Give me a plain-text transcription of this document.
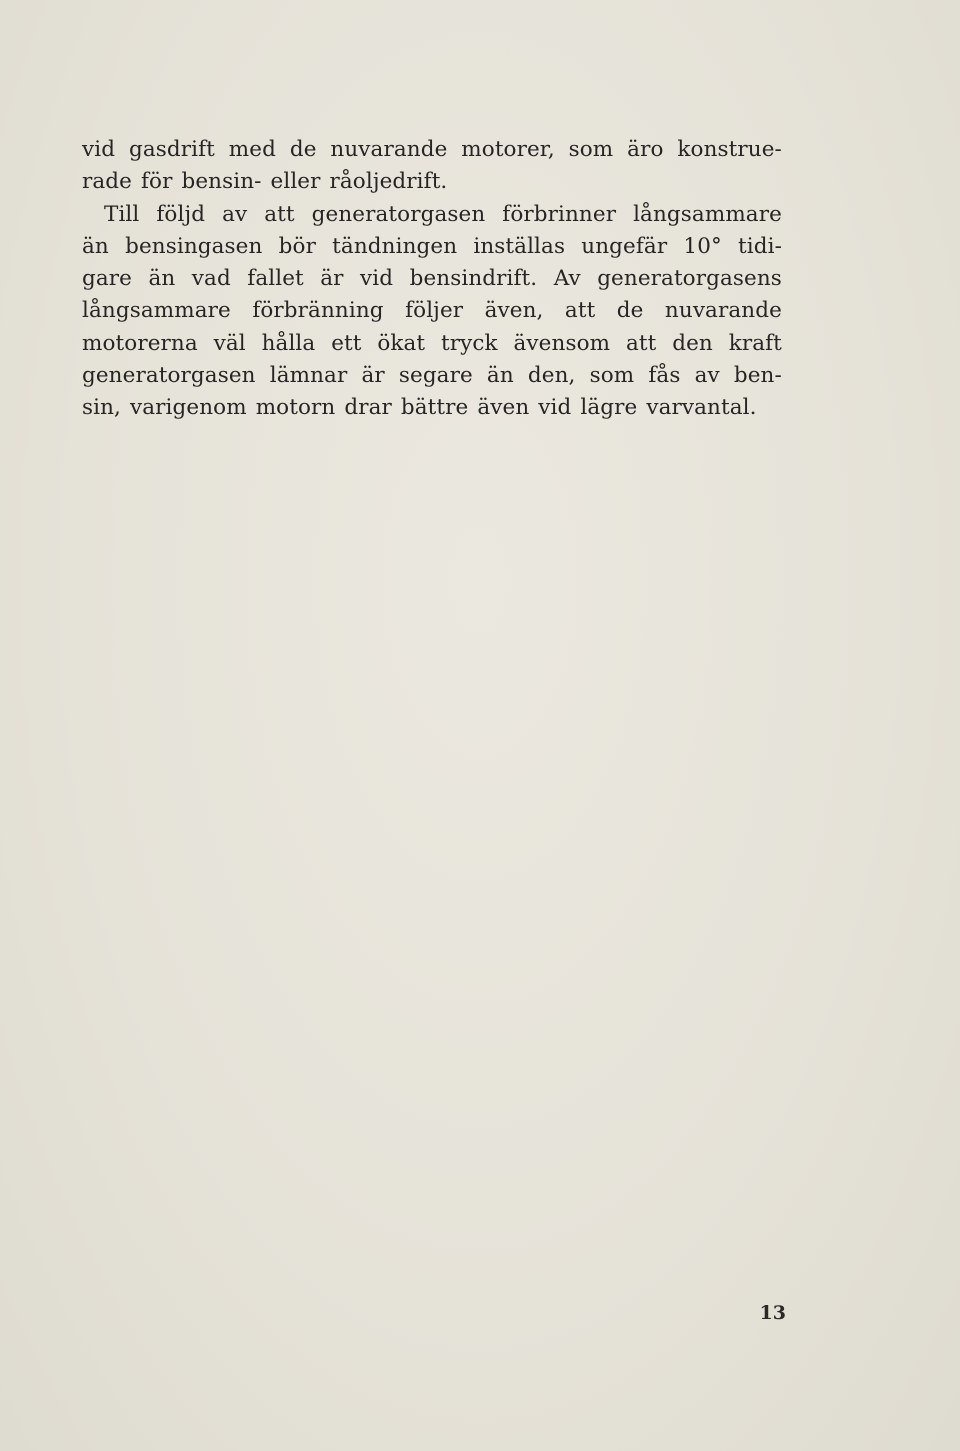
vid gasdrift med de nuvarande motorer, som äro konstrue-
rade för bensin- eller råoljedrift.
Till följd av att generatorgasen förbrinner långsammare
än bensingasen bör tändningen inställas ungefär 10° tidi-
gare än vad fallet är vid bensindrift. Av generatorgasens
långsammare förbränning följer även, att de nuvarande
motorerna väl hålla ett ökat tryck ävensom att den kraft
generatorgasen lämnar är segare än den, som fås av ben-
sin, varigenom motorn drar bättre även vid lägre varvantal.
13
